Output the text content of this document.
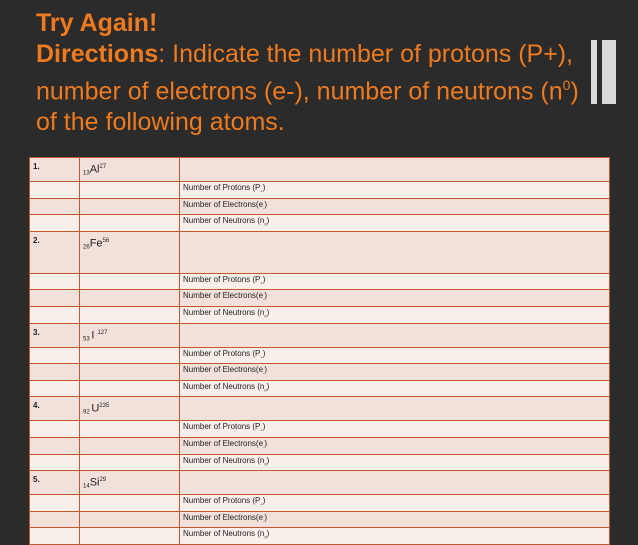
Try Again!
Directions: Indicate the number of protons (P+), number of electrons (e-), number of neutrons $(n^0)$ of the following atoms.
1.	$_{13}Al^{27}$	
		Number of Protons $(P_+)$
		Number of $Electrons(e_-)$
		Number of Neutrons $(n_0)$
2.	$_{26}Fe^{56}$	
		Number of Protons $(P_+)$
		Number of $Electrons(e_-)$
		Number of Neutrons $(n_0)$
3.	$_{53}$ I $^{127}$	
		Number of Protons $(P_+)$
		Number of $Electrons(e_-)$
		Number of Neutrons $(n_0)$
4.	$_{92}$ $U^{235}$	
		Number of Protons $(P_+)$
		Number of $Electrons(e_-)$
		Number of Neutrons $(n_0)$
5.	$_{14}Si^{29}$	
		Number of Protons $(P_+)$
		Number of $Electrons(e_-)$
		Number of Neutrons $(n_0)$
